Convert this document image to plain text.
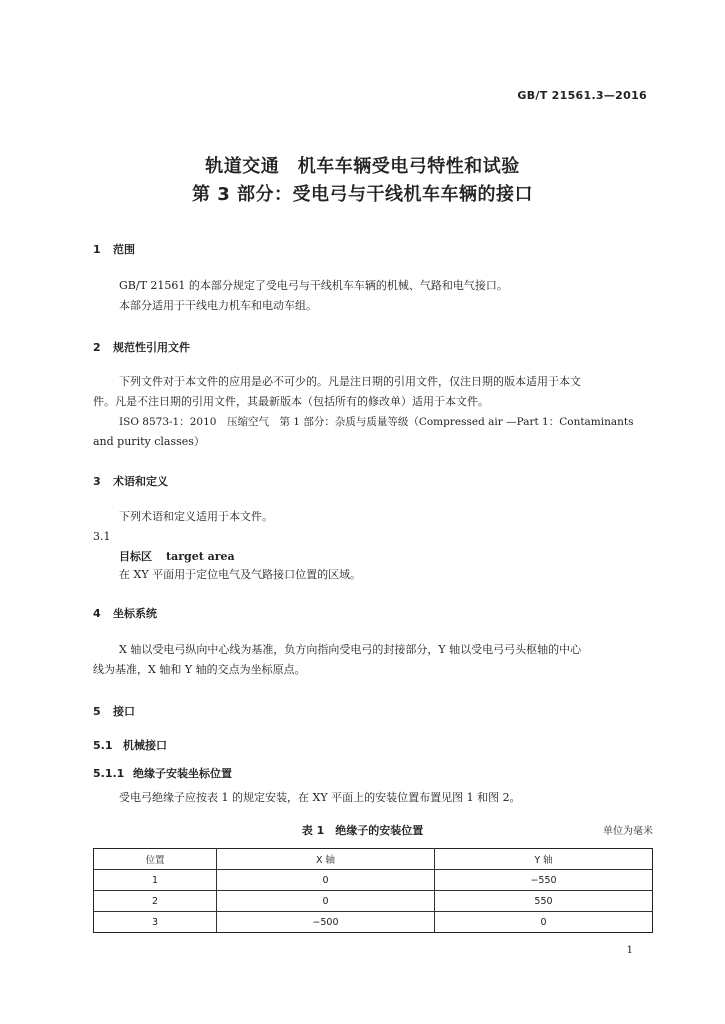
GB/T 21561.3—2016
轨道交通　机车车辆受电弓特性和试验
第 3 部分：受电弓与干线机车车辆的接口
1 范围
GB/T 21561 的本部分规定了受电弓与干线机车车辆的机械、气路和电气接口。
本部分适用于干线电力机车和电动车组。
2 规范性引用文件
下列文件对于本文件的应用是必不可少的。凡是注日期的引用文件，仅注日期的版本适用于本文
件。凡是不注日期的引用文件，其最新版本（包括所有的修改单）适用于本文件。
ISO 8573-1：2010　压缩空气　第 1 部分：杂质与质量等级（Compressed air —Part 1：Contaminants
and purity classes）
3 术语和定义
下列术语和定义适用于本文件。
3.1
目标区 target area
在 XY 平面用于定位电气及气路接口位置的区域。
4 坐标系统
X 轴以受电弓纵向中心线为基准，负方向指向受电弓的封接部分，Y 轴以受电弓弓头枢轴的中心
线为基准，X 轴和 Y 轴的交点为坐标原点。
5 接口
5.1 机械接口
5.1.1 绝缘子安装坐标位置
受电弓绝缘子应按表 1 的规定安装，在 XY 平面上的安装位置布置见图 1 和图 2。
表 1　绝缘子的安装位置	单位为毫米
位置	X 轴	Y 轴
1	0	−550
2	0	550
3	−500	0
1
